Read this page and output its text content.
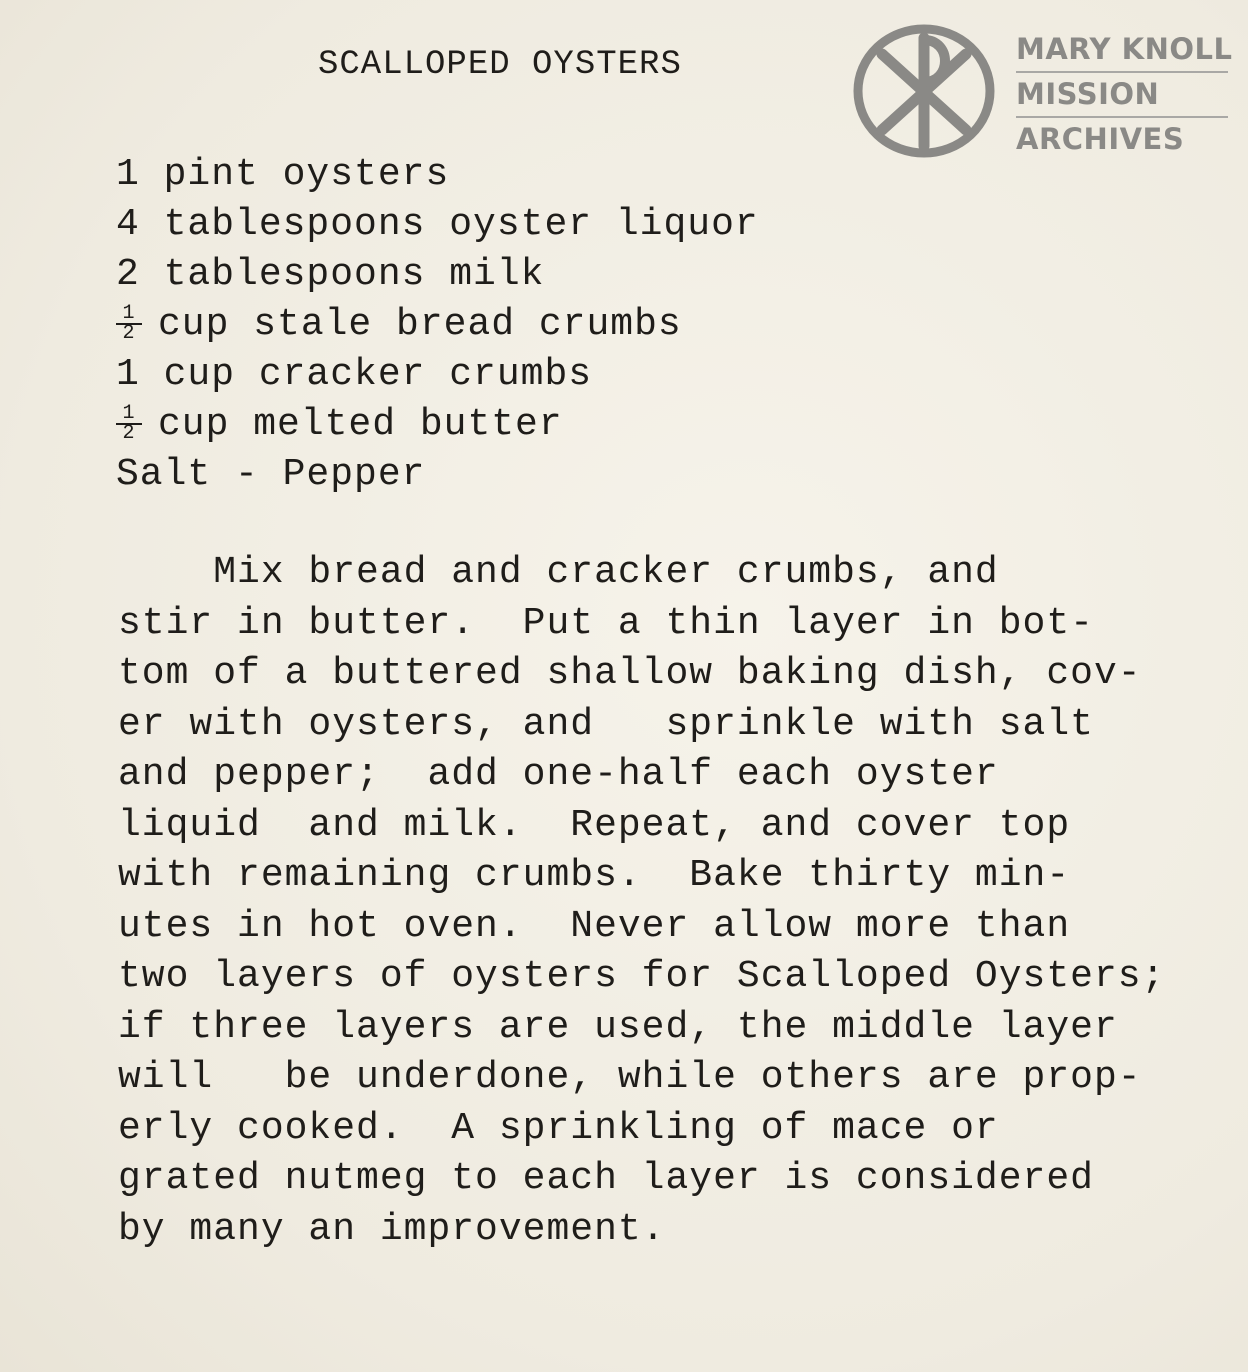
SCALLOPED OYSTERS
1 pint oysters
4 tablespoons oyster liquor
2 tablespoons milk
$\frac{1}{2}$ cup stale bread crumbs
1 cup cracker crumbs
$\frac{1}{2}$ cup melted butter
Salt - Pepper
Mix bread and cracker crumbs, and
stir in butter.  Put a thin layer in bot-
tom of a buttered shallow baking dish, cov-
er with oysters, and   sprinkle with salt
and pepper;  add one-half each oyster
liquid  and milk.  Repeat, and cover top
with remaining crumbs.  Bake thirty min-
utes in hot oven.  Never allow more than
two layers of oysters for Scalloped Oysters;
if three layers are used, the middle layer
will   be underdone, while others are prop-
erly cooked.  A sprinkling of mace or
grated nutmeg to each layer is considered
by many an improvement.
MARY KNOLL
MISSION
ARCHIVES
